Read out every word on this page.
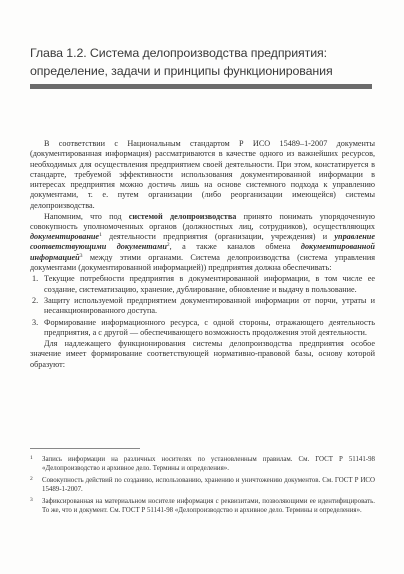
Глава 1.2. Система делопроизводства предприятия:
определение, задачи и принципы функционирования

В соответствии с Национальным стандартом Р ИСО 15489–1-2007 документы (документированная информация) рассматриваются в качестве одного из важнейших ресурсов, необходимых для осуществления предприятием своей деятельности. При этом, констатируется в стандарте, требуемой эффективности использования документированной информации в интересах предприятия можно достичь лишь на основе системного подхода к управлению документами, т. е. путем организации (либо реорганизации имеющейся) системы делопроизводства.

Напомним, что под системой делопроизводства принято понимать упорядоченную совокупность уполномоченных органов (должностных лиц, сотрудников), осуществляющих документирование$^1$ деятельности предприятия (организации, учреждения) и управление соответствующими документами$^2$, а также каналов обмена документированной информацией$^3$ между этими органами. Система делопроизводства (система управления документами (документированной информацией)) предприятия должна обеспечивать:

1. Текущие потребности предприятия в документированной информации, в том числе ее создание, систематизацию, хранение, дублирование, обновление и выдачу в пользование.
2. Защиту используемой предприятием документированной информации от порчи, утраты и несанкционированного доступа.
3. Формирование информационного ресурса, с одной стороны, отражающего деятельность предприятия, а с другой — обеспечивающего возможность продолжения этой деятельности.

Для надлежащего функционирования системы делопроизводства предприятия особое значение имеет формирование соответствующей нормативно-правовой базы, основу которой образуют:

1 Запись информации на различных носителях по установленным правилам. См. ГОСТ Р 51141-98 «Делопроизводство и архивное дело. Термины и определения».
2 Совокупность действий по созданию, использованию, хранению и уничтожению документов. См. ГОСТ Р ИСО 15489-1-2007.
3 Зафиксированная на материальном носителе информация с реквизитами, позволяющими ее идентифицировать. То же, что и документ. См. ГОСТ Р 51141-98 «Делопроизводство и архивное дело. Термины и определения».
